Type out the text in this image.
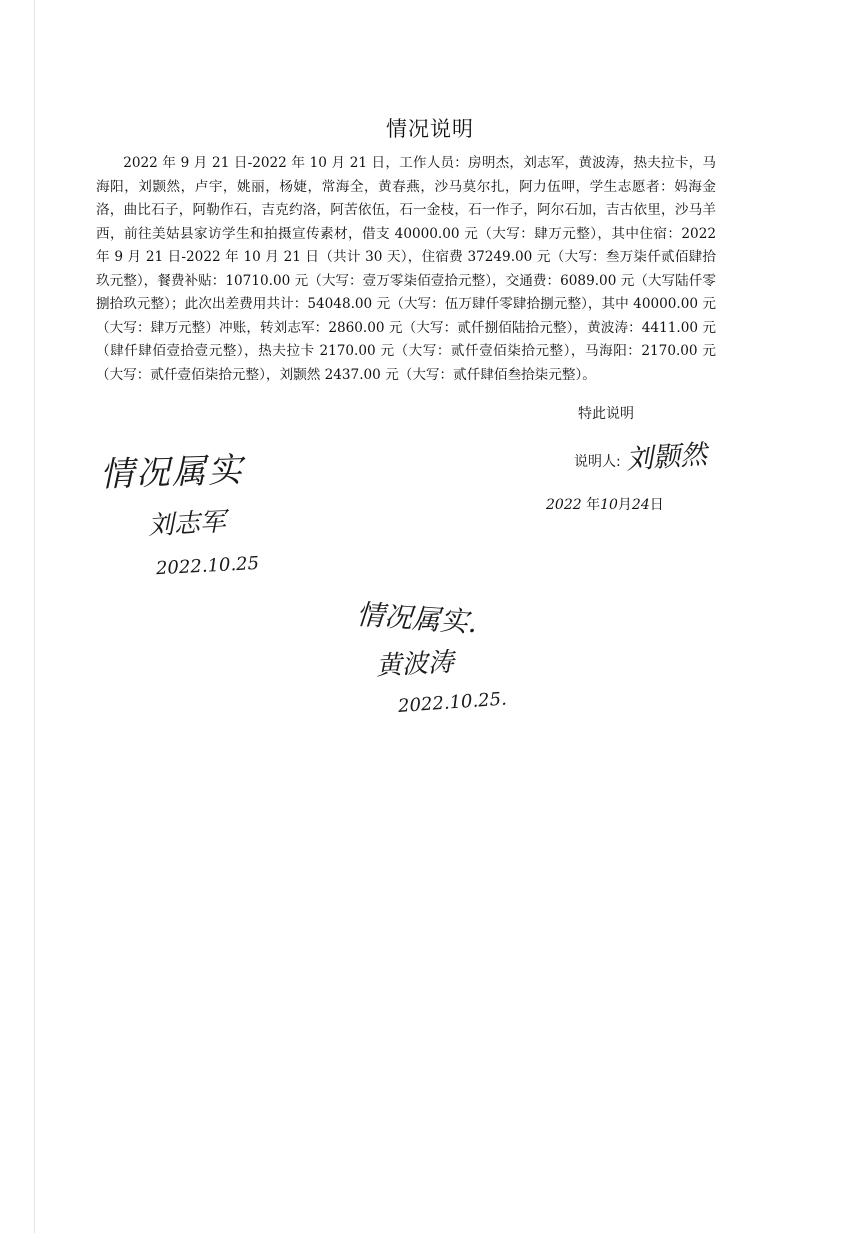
情况说明

2022 年 9 月 21 日-2022 年 10 月 21 日，工作人员：房明杰，刘志军，黄波涛，热夫拉卡，马海阳，刘颢然，卢宇，姚丽，杨婕，常海全，黄春燕，沙马莫尔扎，阿力伍呷，学生志愿者：妈海金洛，曲比石子，阿勒作石，吉克约洛，阿苦依伍，石一金枝，石一作子，阿尔石加，吉古依里，沙马羊西，前往美姑县家访学生和拍摄宣传素材，借支 40000.00 元（大写：肆万元整），其中住宿：2022 年 9 月 21 日-2022 年 10 月 21 日（共计 30 天），住宿费 37249.00 元（大写：叁万柒仟贰佰肆拾玖元整），餐费补贴：10710.00 元（大写：壹万零柒佰壹拾元整），交通费：6089.00 元（大写陆仟零捌拾玖元整）；此次出差费用共计：54048.00 元（大写：伍万肆仟零肆拾捌元整），其中 40000.00 元（大写：肆万元整）冲账，转刘志军：2860.00 元（大写：贰仟捌佰陆拾元整），黄波涛：4411.00 元（肆仟肆佰壹拾壹元整），热夫拉卡 2170.00 元（大写：贰仟壹佰柒拾元整），马海阳：2170.00 元（大写：贰仟壹佰柒拾元整），刘颢然 2437.00 元（大写：贰仟肆佰叁拾柒元整）。

特此说明
说明人: 刘颢然
2022 年10月24日
情况属实
刘志军
2022.10.25
情况属实.
黄波涛
2022.10.25.
